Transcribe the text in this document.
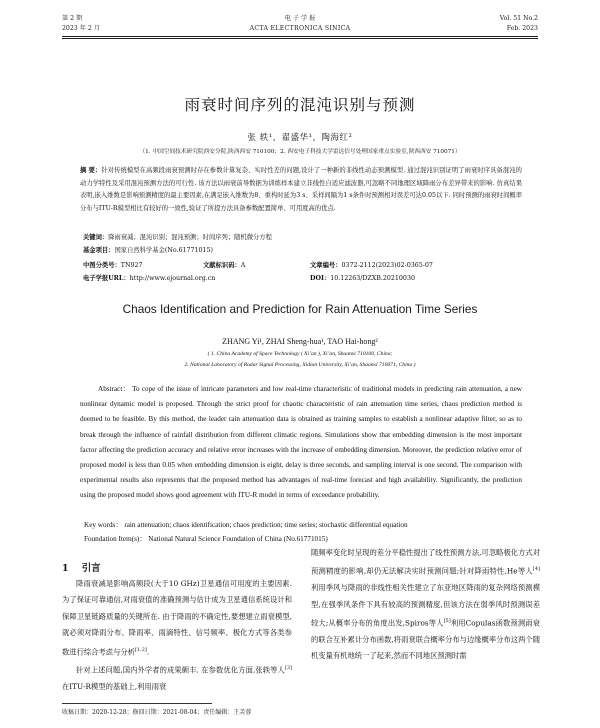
第 2 期
2023 年 2 月
电 子 学 报
ACTA ELECTRONICA SINICA
Vol. 51 No.2
Feb. 2023
雨衰时间序列的混沌识别与预测
张 轶¹，翟盛华¹，陶海红²
（1. 中国空间技术研究院西安分院,陕西西安 710100；2. 西安电子科技大学雷达信号处理国家重点实验室,陕西西安 710071）
摘 要：针对传统模型在高频段雨衰预测时存在参数计算复杂、实时性差的问题,设计了一种新的非线性动态预测模型. 通过混沌识别证明了雨衰时序具备混沌的动力学特性及采用混沌预测方法的可行性. 该方法以雨衰前导数据为训练样本建立非线性自适应滤波器,可忽略不同地理区域降雨分布差异带来的影响. 仿真结果表明,嵌入维数是影响预测精度的最主要因素,在满足嵌入维数为8、重构时延为3 s、采样间隔为1 s条件时预测相对误差可达0.05以下. 同时预测的雨衰时间概率分布与ITU-R模型相比有较好的一致性,验证了所提方法具备参数配置简单、可用度高的优点.
关键词：降雨衰减；混沌识别；混沌预测；时间序列；随机微分方程
基金项目：国家自然科学基金(No.61771015)
中图分类号：TN927	文献标识码：A	文章编号：0372-2112(2023)02-0365-07
电子学报URL：http://www.ejournal.org.cn	DOI：10.12263/DZXB.20210030
Chaos Identification and Prediction for Rain Attenuation Time Series
ZHANG Yi¹, ZHAI Sheng-hua¹, TAO Hai-hong²
( 1. China Academy of Space Technology ( Xi’an ), Xi’an, Shaanxi 710100, China;
2. National Laboratory of Radar Signal Processing, Xidian University, Xi’an, Shaanxi 710071, China )
Abstract： To cope of the issue of intricate parameters and low real-time characteristic of traditional models in predicting rain attenuation, a new nonlinear dynamic model is proposed. Through the strict proof for chaotic characteristic of rain attenuation time series, chaos prediction method is deemed to be feasible. By this method, the leader rain attenuation data is obtained as training samples to establish a nonlinear adaptive filter, so as to break through the influence of rainfall distribution from different climatic regions. Simulations show that embedding dimension is the most important factor affecting the prediction accuracy and relative error increases with the increase of embedding dimension. Moreover, the prediction relative error of proposed model is less than 0.05 when embedding dimension is eight, delay is three seconds, and sampling interval is one second. The comparison with experimental results also represents that the proposed method has advantages of real-time forecast and high availability. Significantly, the prediction using the proposed model shows good agreement with ITU-R model in terms of exceedance probability.
Key words： rain attenuation; chaos identification; chaos prediction; time series; stochastic differential equation
Foundation Item(s)： National Natural Science Foundation of China (No.61771015)
1 引言
降雨衰减是影响高频段(大于10 GHz)卫星通信可用度的主要因素. 为了保证可靠通信,对雨衰值的准确预测与估计成为卫星通信系统设计和保障卫星链路质量的关键所在. 由于降雨的不确定性,要想建立雨衰模型,就必须对降雨分布、降雨率、雨滴特性、信号频率、极化方式等各类参数进行综合考虑与分析[1,2].
针对上述问题,国内外学者的成果颇丰. 在参数优化方面,张轶等人[3]在ITU-R模型的基础上,利用雨衰
随频率变化时呈现的差分平稳性提出了线性预测方法,可忽略极化方式对预测精度的影响,却仍无法解决实时预测问题;针对降雨特性,He等人[4]利用季风与降雨的非线性相关性建立了东亚地区降雨的复杂网络预测模型,在强季风条件下具有较高的预测精度,但该方法在弱季风时预测误差较大;从概率分布的角度出发,Spiros等人[5]利用Copulas函数预测雨衰的联合互补累计分布函数,将雨衰联合概率分布与边缘概率分布这两个随机变量有机地统一了起来,然而不同地区预测时需
收稿日期：2020-12-28；修回日期：2021-08-04；责任编辑：王芙蓉
